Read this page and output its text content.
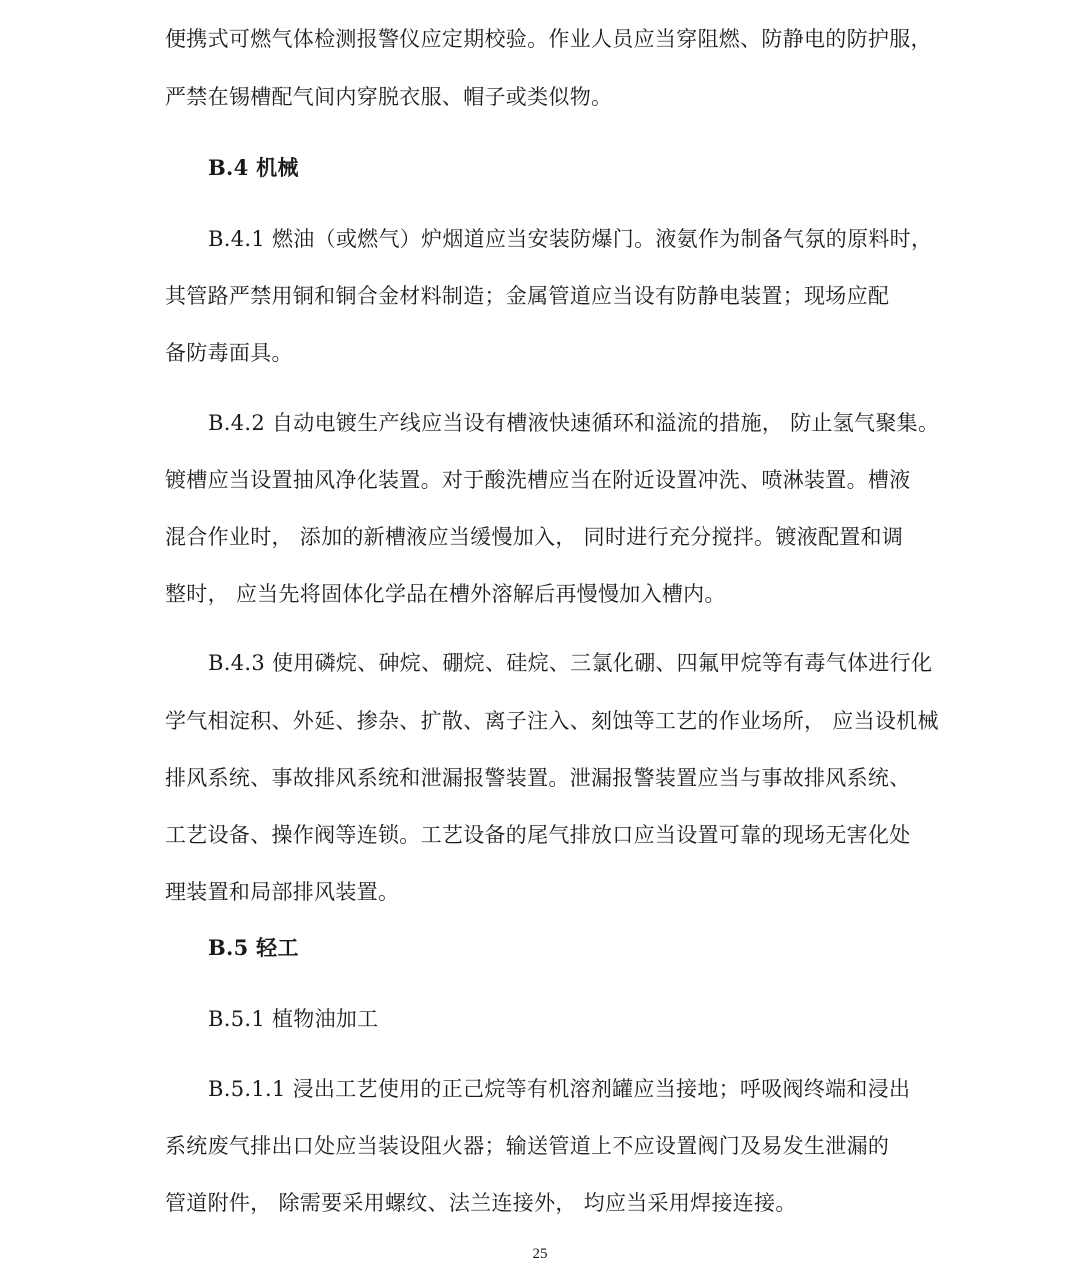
便携式可燃气体检测报警仪应定期校验。作业人员应当穿阻燃、防静电的防护服，
严禁在锡槽配气间内穿脱衣服、帽子或类似物。
B.4 机械
B.4.1 燃油（或燃气）炉烟道应当安装防爆门。液氨作为制备气氛的原料时，
其管路严禁用铜和铜合金材料制造；金属管道应当设有防静电装置；现场应配
备防毒面具。
B.4.2 自动电镀生产线应当设有槽液快速循环和溢流的措施， 防止氢气聚集。
镀槽应当设置抽风净化装置。对于酸洗槽应当在附近设置冲洗、喷淋装置。槽液
混合作业时， 添加的新槽液应当缓慢加入， 同时进行充分搅拌。镀液配置和调
整时， 应当先将固体化学品在槽外溶解后再慢慢加入槽内。
B.4.3 使用磷烷、砷烷、硼烷、硅烷、三氯化硼、四氟甲烷等有毒气体进行化
学气相淀积、外延、掺杂、扩散、离子注入、刻蚀等工艺的作业场所， 应当设机械
排风系统、事故排风系统和泄漏报警装置。泄漏报警装置应当与事故排风系统、
工艺设备、操作阀等连锁。工艺设备的尾气排放口应当设置可靠的现场无害化处
理装置和局部排风装置。
B.5 轻工
B.5.1 植物油加工
B.5.1.1 浸出工艺使用的正己烷等有机溶剂罐应当接地；呼吸阀终端和浸出
系统废气排出口处应当装设阻火器；输送管道上不应设置阀门及易发生泄漏的
管道附件， 除需要采用螺纹、法兰连接外， 均应当采用焊接连接。
25
